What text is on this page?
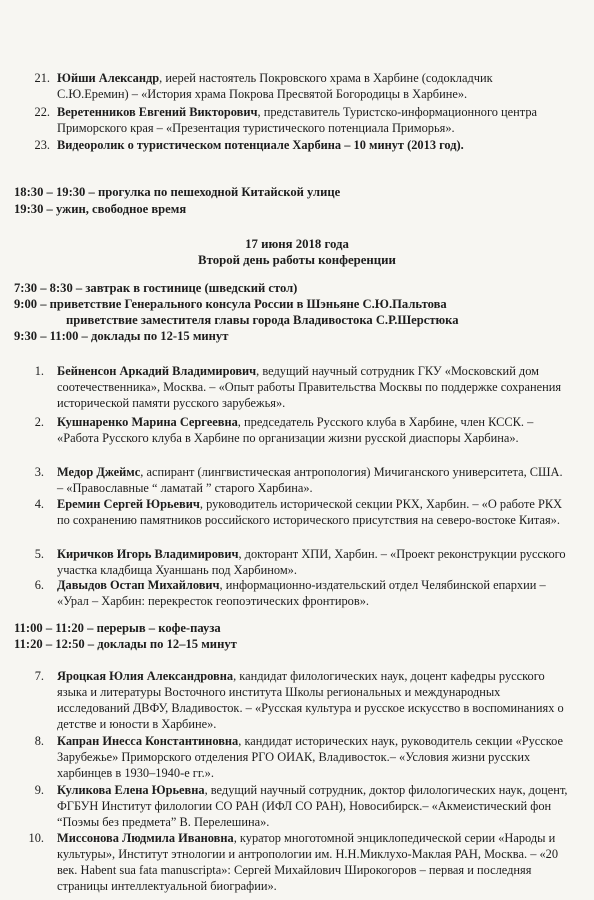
21. Юйши Александр, иерей настоятель Покровского храма в Харбине (содокладчик С.Ю.Еремин) – «История храма Покрова Пресвятой Богородицы в Харбине».
22. Веретенников Евгений Викторович, представитель Туристско-информационного центра Приморского края – «Презентация туристического потенциала Приморья».
23. Видеоролик о туристическом потенциале Харбина – 10 минут (2013 год).
18:30 – 19:30 – прогулка по пешеходной Китайской улице
19:30 – ужин, свободное время
17 июня 2018 года
Второй день работы конференции
7:30 – 8:30 – завтрак в гостинице (шведский стол)
9:00 – приветствие Генерального консула России в Шэньяне С.Ю.Пальтова
приветствие заместителя главы города Владивостока С.Р.Шерстюка
9:30 – 11:00 – доклады по 12-15 минут
1. Бейненсон Аркадий Владимирович, ведущий научный сотрудник ГКУ «Московский дом соотечественника», Москва. – «Опыт работы Правительства Москвы по поддержке сохранения исторической памяти русского зарубежья».
2. Кушнаренко Марина Сергеевна, председатель Русского клуба в Харбине, член КССК. – «Работа Русского клуба в Харбине по организации жизни русской диаспоры Харбина».
3. Медор Джеймс, аспирант (лингвистическая антропология) Мичиганского университета, США. – «Православные “ ламатай ” старого Харбина».
4. Еремин Сергей Юрьевич, руководитель исторической секции РКХ, Харбин. – «О работе РКХ по сохранению памятников российского исторического присутствия на северо-востоке Китая».
5. Киричков Игорь Владимирович, докторант ХПИ, Харбин. – «Проект реконструкции русского участка кладбища Хуаншань под Харбином».
6. Давыдов Остап Михайлович, информационно-издательский отдел Челябинской епархии – «Урал – Харбин: перекресток геопоэтических фронтиров».
11:00 – 11:20 – перерыв – кофе-пауза
11:20 – 12:50 – доклады по 12–15 минут
7. Яроцкая Юлия Александровна, кандидат филологических наук, доцент кафедры русского языка и литературы Восточного института Школы региональных и международных исследований ДВФУ, Владивосток. – «Русская культура и русское искусство в воспоминаниях о детстве и юности в Харбине».
8. Капран Инесса Константиновна, кандидат исторических наук, руководитель секции «Русское Зарубежье» Приморского отделения РГО ОИАК, Владивосток.– «Условия жизни русских харбинцев в 1930–1940-е гг.».
9. Куликова Елена Юрьевна, ведущий научный сотрудник, доктор филологических наук, доцент, ФГБУН Институт филологии СО РАН (ИФЛ СО РАН), Новосибирск.– «Акмеистический фон “Поэмы без предмета” В. Перелешина».
10. Миссонова Людмила Ивановна, куратор многотомной энциклопедической серии «Народы и культуры», Институт этнологии и антропологии им. Н.Н.Миклухо-Маклая РАН, Москва. – «20 век. Habent sua fata manuscripta»: Сергей Михайлович Широкогоров – первая и последняя страницы интеллектуальной биографии».
